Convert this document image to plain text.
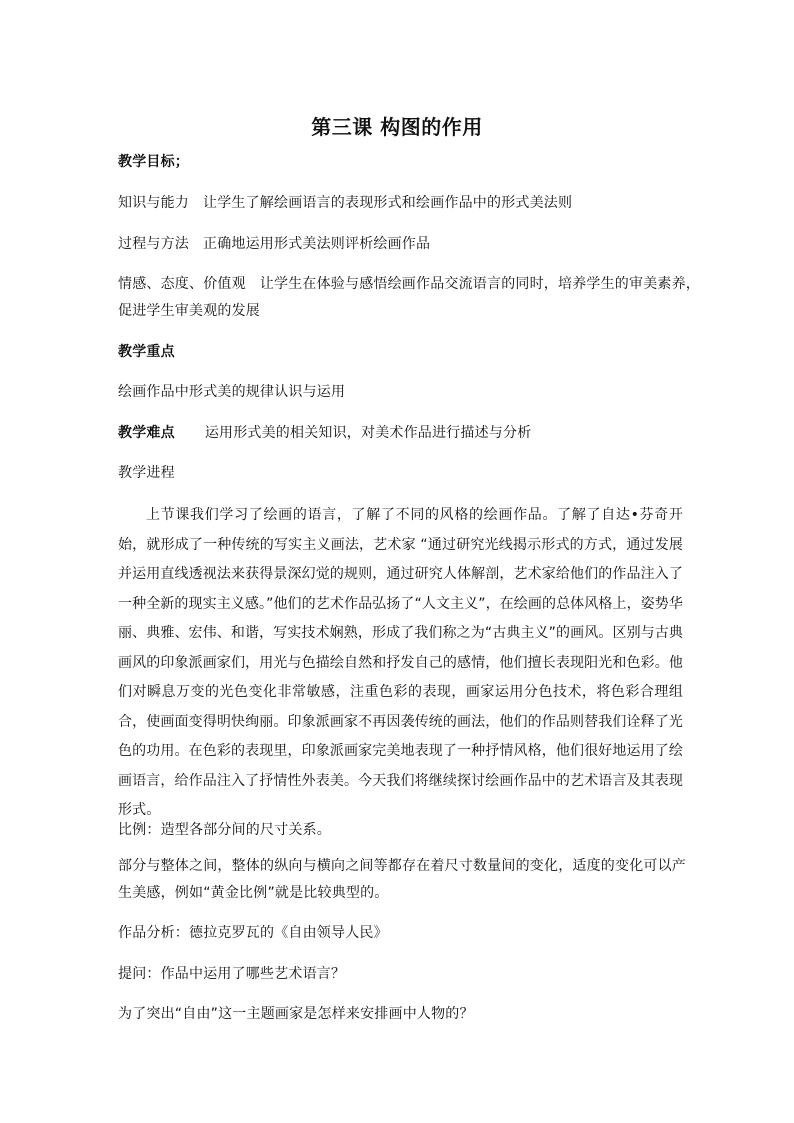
第三课 构图的作用
教学目标；
知识与能力 让学生了解绘画语言的表现形式和绘画作品中的形式美法则
过程与方法 正确地运用形式美法则评析绘画作品
情感、态度、价值观 让学生在体验与感悟绘画作品交流语言的同时，培养学生的审美素养，
促进学生审美观的发展
教学重点
绘画作品中形式美的规律认识与运用
教学难点 运用形式美的相关知识，对美术作品进行描述与分析
教学进程
上节课我们学习了绘画的语言，了解了不同的风格的绘画作品。了解了自达•芬奇开始，就形成了一种传统的写实主义画法，艺术家 “通过研究光线揭示形式的方式，通过发展并运用直线透视法来获得景深幻觉的规则，通过研究人体解剖，艺术家给他们的作品注入了一种全新的现实主义感。”他们的艺术作品弘扬了“人文主义”，在绘画的总体风格上，姿势华丽、典雅、宏伟、和谐，写实技术娴熟，形成了我们称之为“古典主义”的画风。区别与古典画风的印象派画家们，用光与色描绘自然和抒发自己的感情，他们擅长表现阳光和色彩。他们对瞬息万变的光色变化非常敏感，注重色彩的表现，画家运用分色技术，将色彩合理组合，使画面变得明快绚丽。印象派画家不再因袭传统的画法，他们的作品则替我们诠释了光色的功用。在色彩的表现里，印象派画家完美地表现了一种抒情风格，他们很好地运用了绘画语言，给作品注入了抒情性外表美。今天我们将继续探讨绘画作品中的艺术语言及其表现形式。
比例：造型各部分间的尺寸关系。
部分与整体之间，整体的纵向与横向之间等都存在着尺寸数量间的变化，适度的变化可以产
生美感，例如“黄金比例”就是比较典型的。
作品分析：德拉克罗瓦的《自由领导人民》
提问：作品中运用了哪些艺术语言？
为了突出“自由”这一主题画家是怎样来安排画中人物的？
